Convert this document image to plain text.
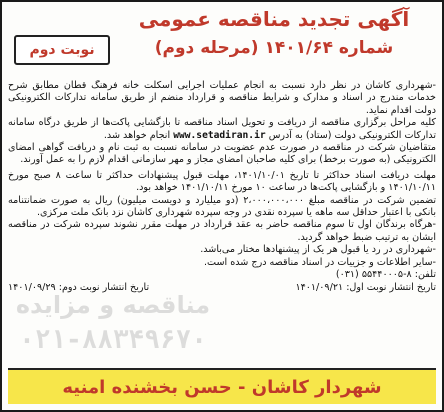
نوبت دوم
آگهی تجدید مناقصه عمومی
شماره ۱۴۰۱/۶۴ (مرحله دوم)

- شهرداری کاشان در نظر دارد نسبت به انجام عملیات اجرایی اسکلت خانه فرهنگ قطان مطابق شرح خدمات مندرج در اسناد و مدارک و شرایط مناقصه و قرارداد منضم از طریق سامانه تدارکات الکترونیکی دولت اقدام نماید.

کلیه مراحل برگزاری مناقصه از دریافت و تحویل اسناد مناقصه تا بازگشایی پاکت‌ها از طریق درگاه سامانه تدارکات الکترونیکی دولت (ستاد) به آدرس www.setadiran.ir انجام خواهد شد.

متقاضیان شرکت در مناقصه در صورت عدم عضویت در سامانه نسبت به ثبت نام و دریافت گواهی امضای الکترونیکی (به صورت برخط) برای کلیه صاحبان امضای مجاز و مهر سازمانی اقدام لازم را به عمل آورند.

مهلت دریافت اسناد حداکثر تا تاریخ ۱۴۰۱/۱۰/۰۱، مهلت قبول پیشنهادات حداکثر تا ساعت ۸ صبح مورخ ۱۴۰۱/۱۰/۱۱ و بازگشایی پاکت‌ها در ساعت ۱۰ مورخ ۱۴۰۱/۱۰/۱۱ خواهد بود.

تضمین شرکت در مناقصه مبلغ ۲،۰۰۰،۰۰۰،۰۰۰ (دو میلیارد و دویست میلیون) ریال به صورت ضمانتنامه بانکی با اعتبار حداقل سه ماهه یا سپرده نقدی در وجه سپرده شهرداری کاشان نزد بانک ملت مرکزی.

- هرگاه برندگان اول تا سوم مناقصه حاضر به عقد قرارداد در مهلت مقرر نشوند سپرده شرکت در مناقصه ایشان به ترتیب ضبط خواهد گردید.

- شهرداری در رد یا قبول هر یک از پیشنهادها مختار می‌باشد.

- سایر اطلاعات و جزییات در اسناد مناقصه درج شده است.

تلفن: ۸-۵۵۴۴۰۰۰۵ (۰۳۱)
تاریخ انتشار نوبت اول: ۱۴۰۱/۰۹/۲۱
تاریخ انتشار نوبت دوم: ۱۴۰۱/۰۹/۲۹
مناقصه و مزایده
۰۲۱-۸۸۳۴۹۶۷۰
شهردار کاشان - حسن بخشنده امنیه
